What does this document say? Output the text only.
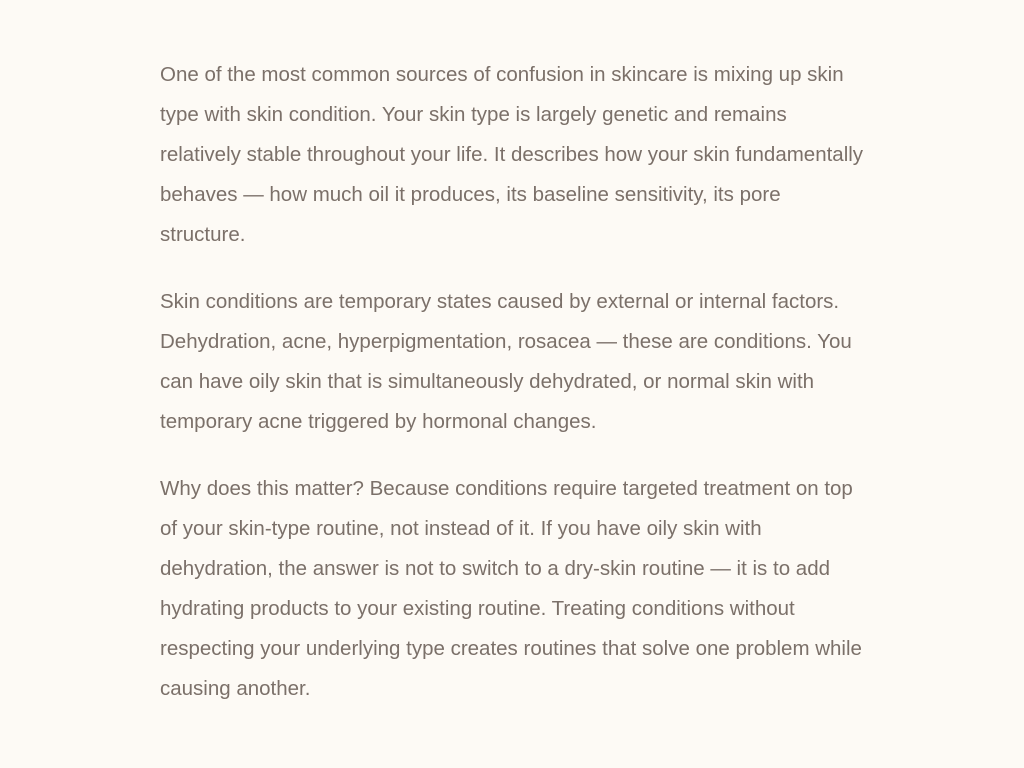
One of the most common sources of confusion in skincare is mixing up skin type with skin condition. Your skin type is largely genetic and remains relatively stable throughout your life. It describes how your skin fundamentally behaves — how much oil it produces, its baseline sensitivity, its pore structure.

Skin conditions are temporary states caused by external or internal factors. Dehydration, acne, hyperpigmentation, rosacea — these are conditions. You can have oily skin that is simultaneously dehydrated, or normal skin with temporary acne triggered by hormonal changes.

Why does this matter? Because conditions require targeted treatment on top of your skin-type routine, not instead of it. If you have oily skin with dehydration, the answer is not to switch to a dry-skin routine — it is to add hydrating products to your existing routine. Treating conditions without respecting your underlying type creates routines that solve one problem while causing another.
